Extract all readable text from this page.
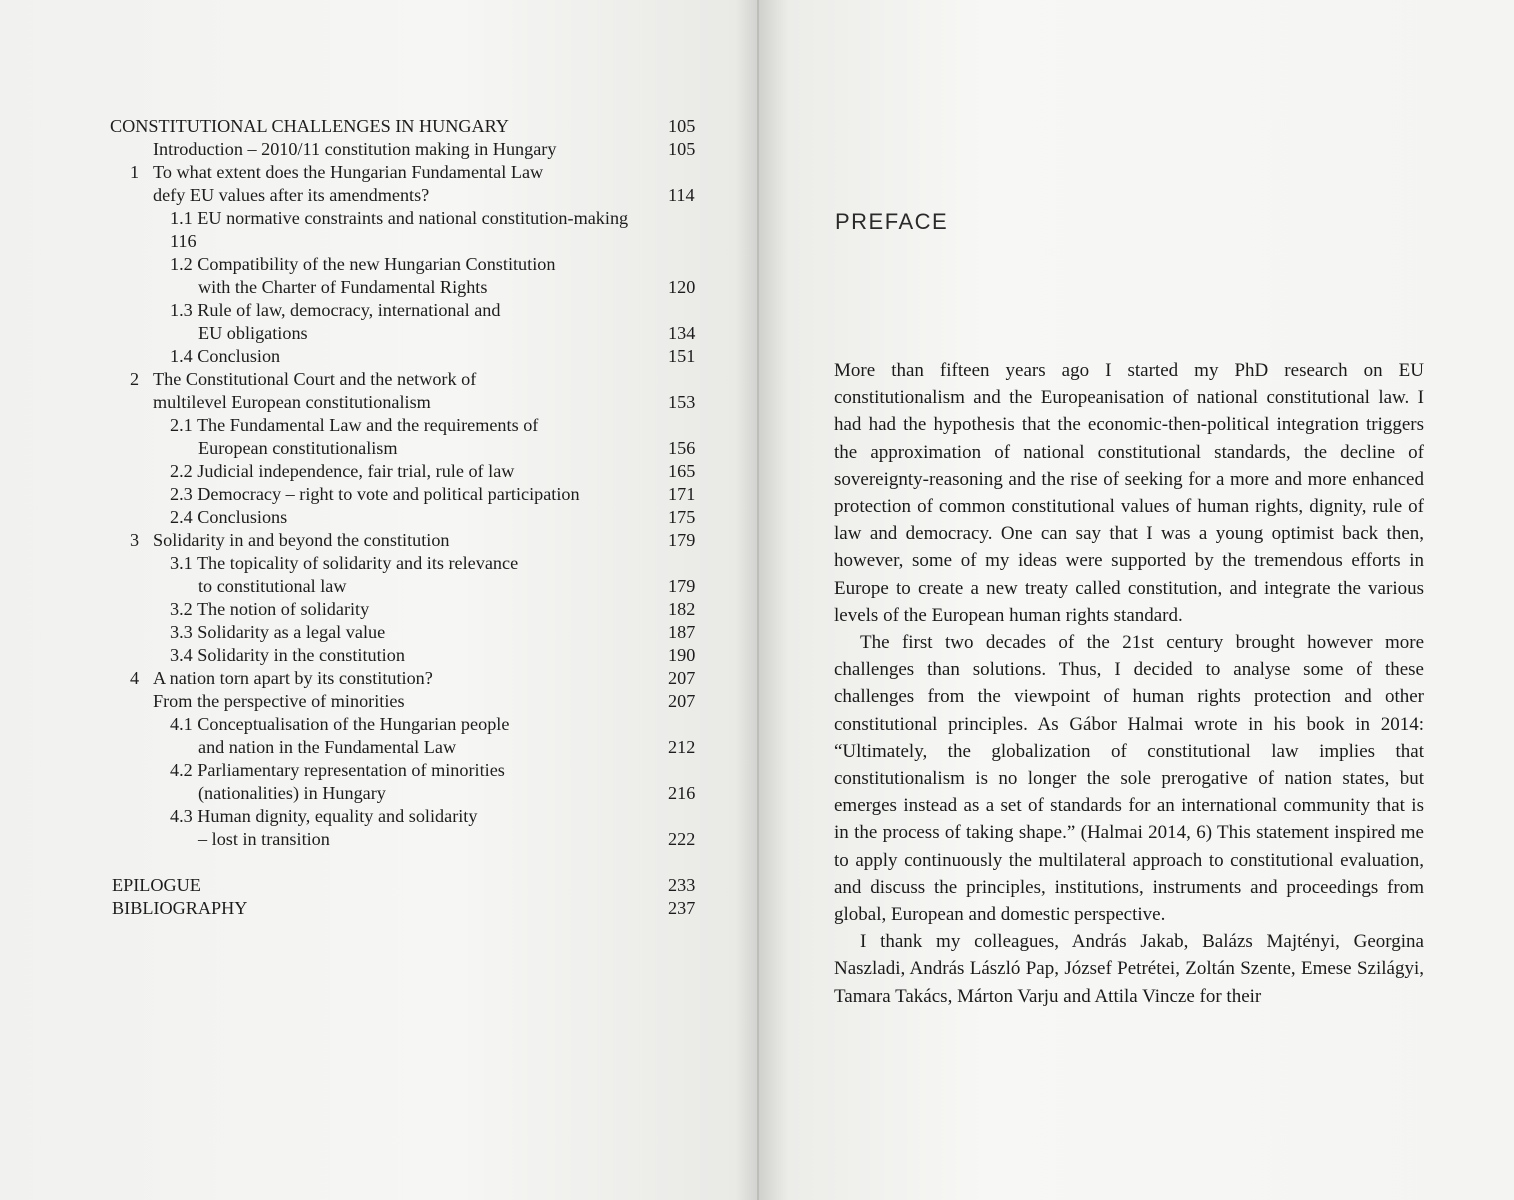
CONSTITUTIONAL CHALLENGES IN HUNGARY	105
Introduction – 2010/11 constitution making in Hungary	105
1 To what extent does the Hungarian Fundamental Law
defy EU values after its amendments?	114
1.1 EU normative constraints and national constitution-making
116
1.2 Compatibility of the new Hungarian Constitution
with the Charter of Fundamental Rights	120
1.3 Rule of law, democracy, international and
EU obligations	134
1.4 Conclusion	151
2 The Constitutional Court and the network of
multilevel European constitutionalism	153
2.1 The Fundamental Law and the requirements of
European constitutionalism	156
2.2 Judicial independence, fair trial, rule of law	165
2.3 Democracy – right to vote and political participation	171
2.4 Conclusions	175
3 Solidarity in and beyond the constitution	179
3.1 The topicality of solidarity and its relevance
to constitutional law	179
3.2 The notion of solidarity	182
3.3 Solidarity as a legal value	187
3.4 Solidarity in the constitution	190
4 A nation torn apart by its constitution?	207
From the perspective of minorities	207
4.1 Conceptualisation of the Hungarian people
and nation in the Fundamental Law	212
4.2 Parliamentary representation of minorities
(nationalities) in Hungary	216
4.3 Human dignity, equality and solidarity
– lost in transition	222
EPILOGUE	233
BIBLIOGRAPHY	237
PREFACE

More than fifteen years ago I started my PhD research on EU constitutionalism and the Europeanisation of national constitutional law. I had had the hypothesis that the economic-then-political integration triggers the approximation of national constitutional standards, the decline of sovereignty-reasoning and the rise of seeking for a more and more enhanced protection of common constitutional values of human rights, dignity, rule of law and democracy. One can say that I was a young optimist back then, however, some of my ideas were supported by the tremendous efforts in Europe to create a new treaty called constitution, and integrate the various levels of the European human rights standard.

The first two decades of the 21st century brought however more challenges than solutions. Thus, I decided to analyse some of these challenges from the viewpoint of human rights protection and other constitutional principles. As Gábor Halmai wrote in his book in 2014: “Ultimately, the globalization of constitutional law implies that constitutionalism is no longer the sole prerogative of nation states, but emerges instead as a set of standards for an international community that is in the process of taking shape.” (Halmai 2014, 6) This statement inspired me to apply continuously the multilateral approach to constitutional evaluation, and discuss the principles, institutions, instruments and proceedings from global, European and domestic perspective.

I thank my colleagues, András Jakab, Balázs Majtényi, Georgina Naszladi, András László Pap, József Petrétei, Zoltán Szente, Emese Szilágyi, Tamara Takács, Márton Varju and Attila Vincze for their
